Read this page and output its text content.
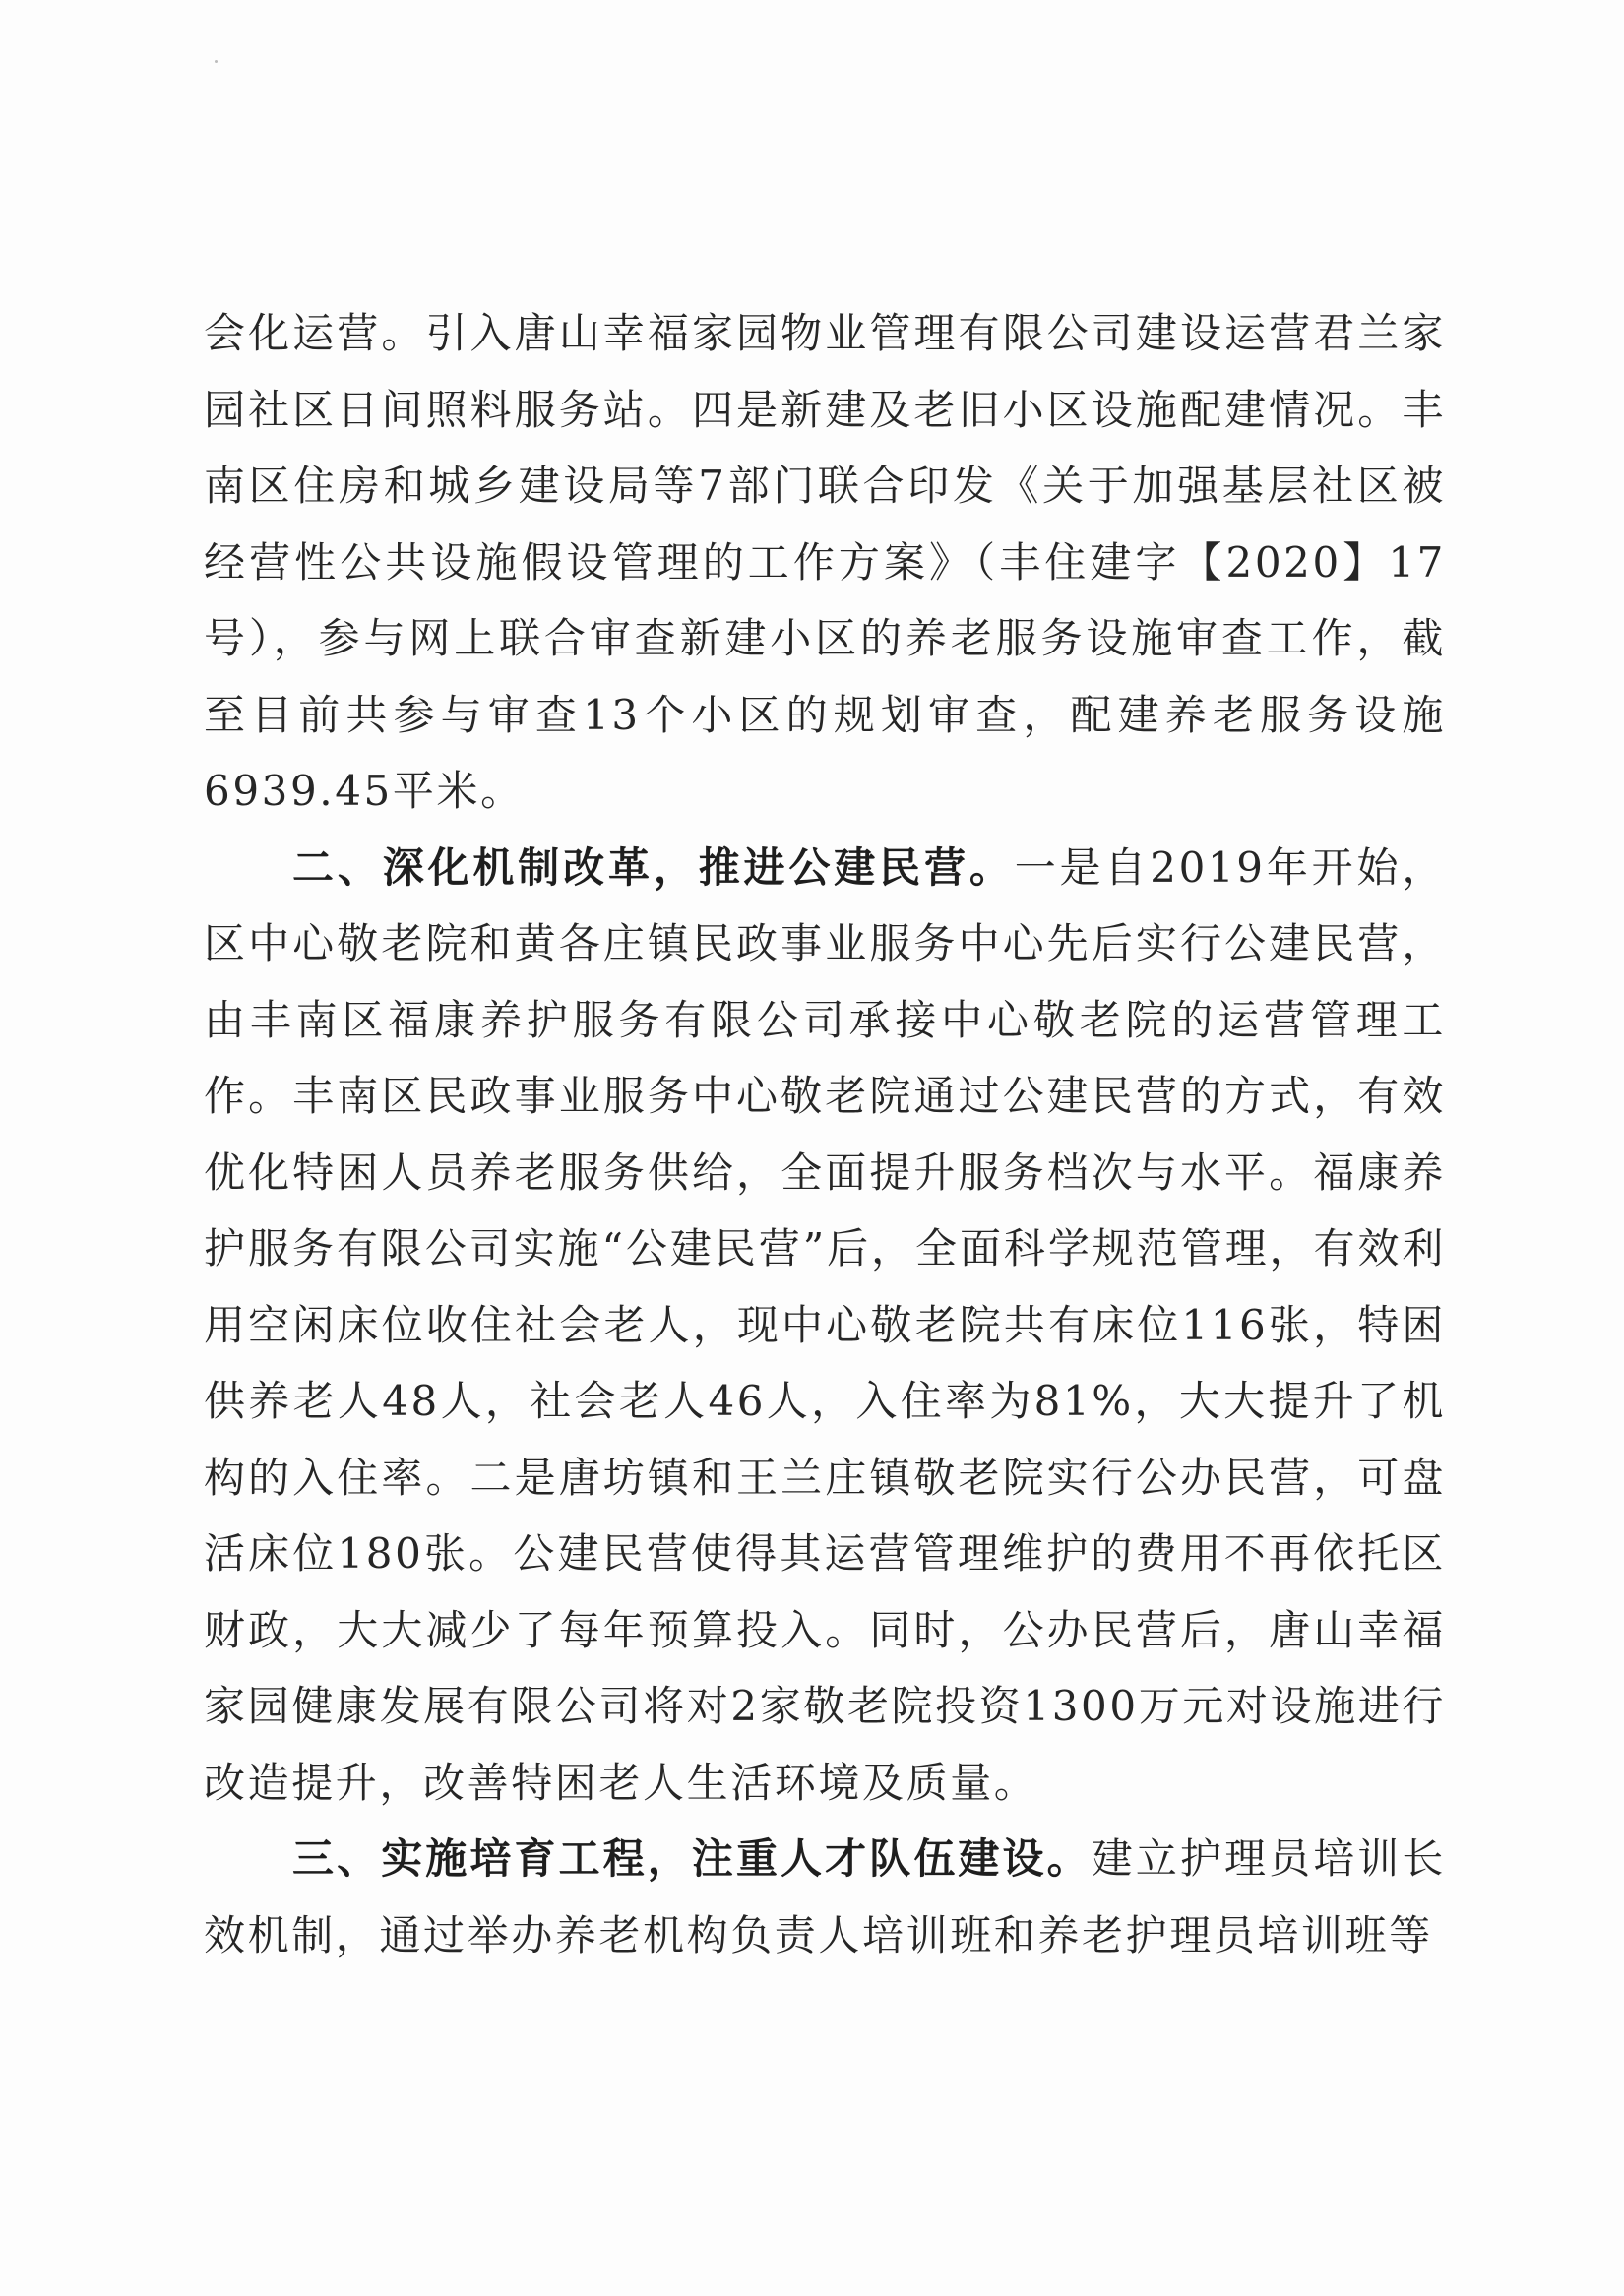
会化运营。引入唐山幸福家园物业管理有限公司建设运营君兰家园社区日间照料服务站。四是新建及老旧小区设施配建情况。丰南区住房和城乡建设局等7部门联合印发《关于加强基层社区被经营性公共设施假设管理的工作方案》（丰住建字【2020】17号），参与网上联合审查新建小区的养老服务设施审查工作，截至目前共参与审查13个小区的规划审查，配建养老服务设施6939.45平米。

二、深化机制改革，推进公建民营。一是自2019年开始，区中心敬老院和黄各庄镇民政事业服务中心先后实行公建民营，由丰南区福康养护服务有限公司承接中心敬老院的运营管理工作。丰南区民政事业服务中心敬老院通过公建民营的方式，有效优化特困人员养老服务供给，全面提升服务档次与水平。福康养护服务有限公司实施“公建民营”后，全面科学规范管理，有效利用空闲床位收住社会老人，现中心敬老院共有床位116张，特困供养老人48人，社会老人46人，入住率为81%，大大提升了机构的入住率。二是唐坊镇和王兰庄镇敬老院实行公办民营，可盘活床位180张。公建民营使得其运营管理维护的费用不再依托区财政，大大减少了每年预算投入。同时，公办民营后，唐山幸福家园健康发展有限公司将对2家敬老院投资1300万元对设施进行改造提升，改善特困老人生活环境及质量。

三、实施培育工程，注重人才队伍建设。建立护理员培训长效机制，通过举办养老机构负责人培训班和养老护理员培训班等
